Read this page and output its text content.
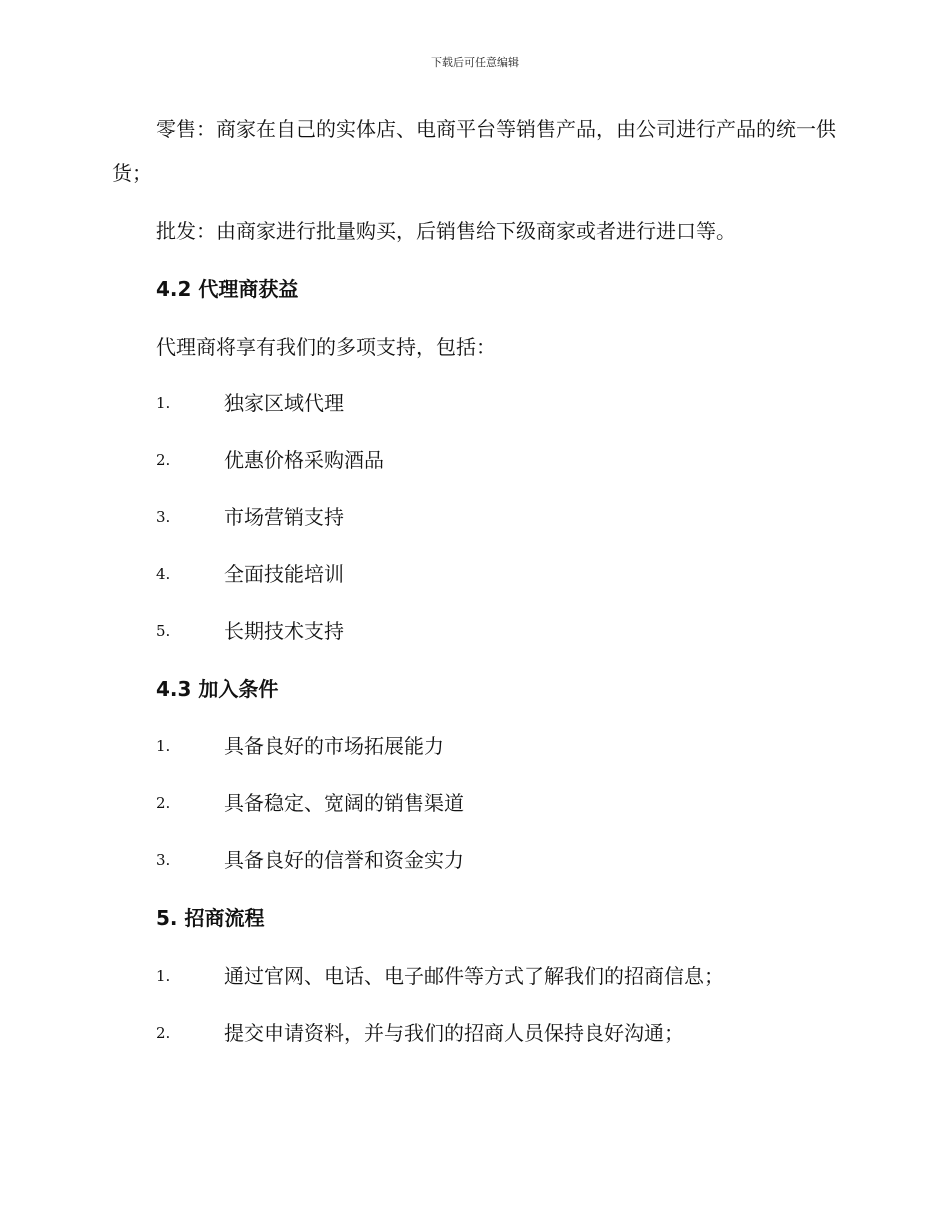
下载后可任意编辑

零售：商家在自己的实体店、电商平台等销售产品，由公司进行产品的统一供货；

批发：由商家进行批量购买，后销售给下级商家或者进行进口等。

4.2 代理商获益

代理商将享有我们的多项支持，包括：

1.	独家区域代理
2.	优惠价格采购酒品
3.	市场营销支持
4.	全面技能培训
5.	长期技术支持
4.3 加入条件
1.	具备良好的市场拓展能力
2.	具备稳定、宽阔的销售渠道
3.	具备良好的信誉和资金实力
5. 招商流程
1.	通过官网、电话、电子邮件等方式了解我们的招商信息；
2.	提交申请资料，并与我们的招商人员保持良好沟通；
